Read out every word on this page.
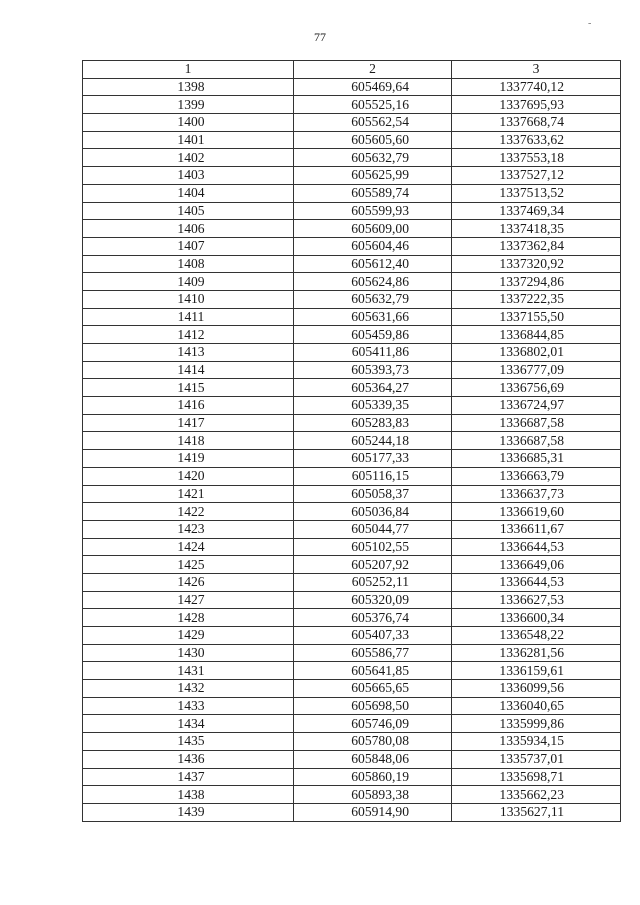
-
77
1	2	3
1398	605469,64	1337740,12
1399	605525,16	1337695,93
1400	605562,54	1337668,74
1401	605605,60	1337633,62
1402	605632,79	1337553,18
1403	605625,99	1337527,12
1404	605589,74	1337513,52
1405	605599,93	1337469,34
1406	605609,00	1337418,35
1407	605604,46	1337362,84
1408	605612,40	1337320,92
1409	605624,86	1337294,86
1410	605632,79	1337222,35
1411	605631,66	1337155,50
1412	605459,86	1336844,85
1413	605411,86	1336802,01
1414	605393,73	1336777,09
1415	605364,27	1336756,69
1416	605339,35	1336724,97
1417	605283,83	1336687,58
1418	605244,18	1336687,58
1419	605177,33	1336685,31
1420	605116,15	1336663,79
1421	605058,37	1336637,73
1422	605036,84	1336619,60
1423	605044,77	1336611,67
1424	605102,55	1336644,53
1425	605207,92	1336649,06
1426	605252,11	1336644,53
1427	605320,09	1336627,53
1428	605376,74	1336600,34
1429	605407,33	1336548,22
1430	605586,77	1336281,56
1431	605641,85	1336159,61
1432	605665,65	1336099,56
1433	605698,50	1336040,65
1434	605746,09	1335999,86
1435	605780,08	1335934,15
1436	605848,06	1335737,01
1437	605860,19	1335698,71
1438	605893,38	1335662,23
1439	605914,90	1335627,11
